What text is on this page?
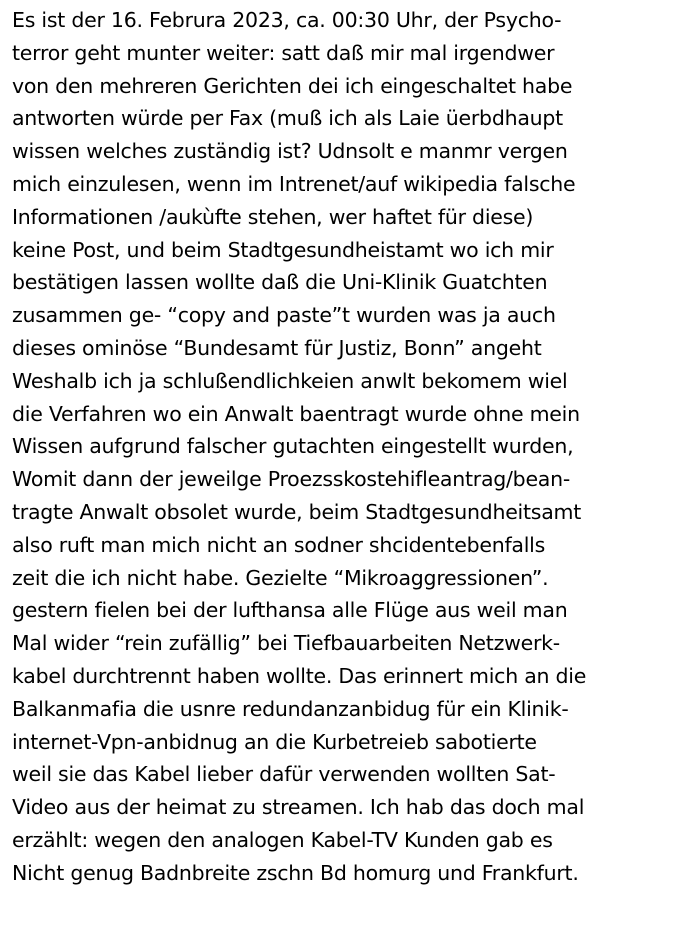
Es ist der 16. Februra 2023, ca. 00:30 Uhr, der Psycho-
terror geht munter weiter: satt daß mir mal irgendwer
von den mehreren Gerichten dei ich eingeschaltet habe
antworten würde per Fax (muß ich als Laie üerbdhaupt
wissen welches zuständig ist? Udnsolt e manmr vergen
mich einzulesen, wenn im Intrenet/auf wikipedia falsche
Informationen /aukùfte stehen, wer haftet für diese)
keine Post, und beim Stadtgesundheistamt wo ich mir
bestätigen lassen wollte daß die Uni-Klinik Guatchten
zusammen ge- “copy and paste”t wurden was ja auch
dieses ominöse “Bundesamt für Justiz, Bonn” angeht
Weshalb ich ja schlußendlichkeien anwlt bekomem wiel
die Verfahren wo ein Anwalt baentragt wurde ohne mein
Wissen aufgrund falscher gutachten eingestellt wurden,
Womit dann der jeweilge Proezsskostehifleantrag/bean-
tragte Anwalt obsolet wurde, beim Stadtgesundheitsamt
also ruft man mich nicht an sodner shcidentebenfalls
zeit die ich nicht habe. Gezielte “Mikroaggressionen”.
gestern fielen bei der lufthansa alle Flüge aus weil man
Mal wider “rein zufällig” bei Tiefbauarbeiten Netzwerk-
kabel durchtrennt haben wollte. Das erinnert mich an die
Balkanmafia die usnre redundanzanbidug für ein Klinik-
internet-Vpn-anbidnug an die Kurbetreieb sabotierte
weil sie das Kabel lieber dafür verwenden wollten Sat-
Video aus der heimat zu streamen. Ich hab das doch mal
erzählt: wegen den analogen Kabel-TV Kunden gab es
Nicht genug Badnbreite zschn Bd homurg und Frankfurt.
